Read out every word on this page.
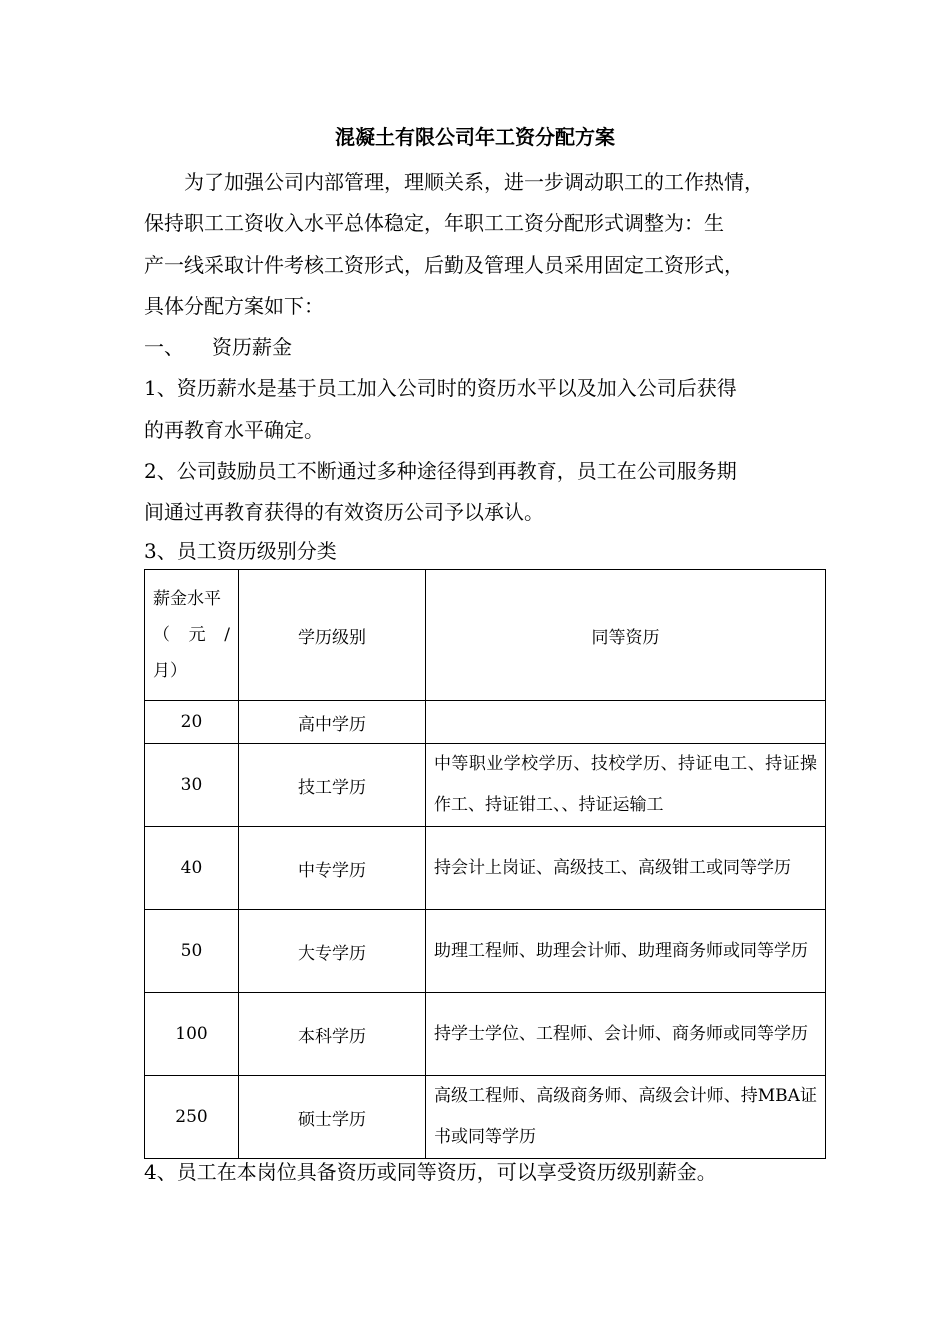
混凝土有限公司年工资分配方案
为了加强公司内部管理，理顺关系，进一步调动职工的工作热情，
保持职工工资收入水平总体稳定，年职工工资分配形式调整为：生
产一线采取计件考核工资形式，后勤及管理人员采用固定工资形式，
具体分配方案如下：
一、 资历薪金
1、资历薪水是基于员工加入公司时的资历水平以及加入公司后获得
的再教育水平确定。
2、公司鼓励员工不断通过多种途径得到再教育，员工在公司服务期
间通过再教育获得的有效资历公司予以承认。
3、员工资历级别分类
薪金水平
（ 元 /
月）	学历级别	同等资历
20	高中学历	
30	技工学历	中等职业学校学历、技校学历、持证电工、持证操作工、持证钳工、、持证运输工
40	中专学历	持会计上岗证、高级技工、高级钳工或同等学历
50	大专学历	助理工程师、助理会计师、助理商务师或同等学历
100	本科学历	持学士学位、工程师、会计师、商务师或同等学历
250	硕士学历	高级工程师、高级商务师、高级会计师、持MBA证书或同等学历
4、员工在本岗位具备资历或同等资历，可以享受资历级别薪金。
